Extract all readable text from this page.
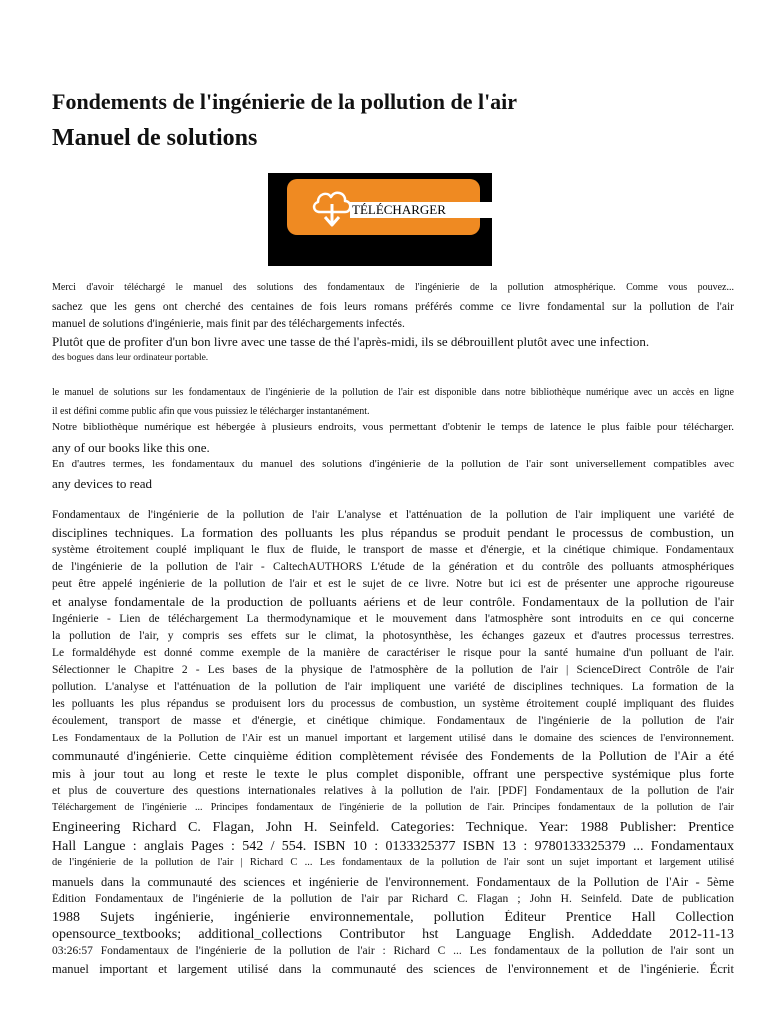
Fondements de l'ingénierie de la pollution de l'air
Manuel de solutions
TÉLÉCHARGER
Merci d'avoir téléchargé le manuel des solutions des fondamentaux de l'ingénierie de la pollution atmosphérique. Comme vous pouvez...
sachez que les gens ont cherché des centaines de fois leurs romans préférés comme ce livre fondamental sur la pollution de l'air
manuel de solutions d'ingénierie, mais finit par des téléchargements infectés.
Plutôt que de profiter d'un bon livre avec une tasse de thé l'après-midi, ils se débrouillent plutôt avec une infection.
des bogues dans leur ordinateur portable.
le manuel de solutions sur les fondamentaux de l'ingénierie de la pollution de l'air est disponible dans notre bibliothèque numérique avec un accès en ligne
il est défini comme public afin que vous puissiez le télécharger instantanément.
Notre bibliothèque numérique est hébergée à plusieurs endroits, vous permettant d'obtenir le temps de latence le plus faible pour télécharger.
any of our books like this one.
En d'autres termes, les fondamentaux du manuel des solutions d'ingénierie de la pollution de l'air sont universellement compatibles avec
any devices to read
Fondamentaux de l'ingénierie de la pollution de l'air L'analyse et l'atténuation de la pollution de l'air impliquent une variété de
disciplines techniques. La formation des polluants les plus répandus se produit pendant le processus de combustion, un
système étroitement couplé impliquant le flux de fluide, le transport de masse et d'énergie, et la cinétique chimique. Fondamentaux
de l'ingénierie de la pollution de l'air - CaltechAUTHORS L'étude de la génération et du contrôle des polluants atmosphériques
peut être appelé ingénierie de la pollution de l'air et est le sujet de ce livre. Notre but ici est de présenter une approche rigoureuse
et analyse fondamentale de la production de polluants aériens et de leur contrôle. Fondamentaux de la pollution de l'air
Ingénierie - Lien de téléchargement La thermodynamique et le mouvement dans l'atmosphère sont introduits en ce qui concerne
la pollution de l'air, y compris ses effets sur le climat, la photosynthèse, les échanges gazeux et d'autres processus terrestres.
Le formaldéhyde est donné comme exemple de la manière de caractériser le risque pour la santé humaine d'un polluant de l'air.
Sélectionner le Chapitre 2 - Les bases de la physique de l'atmosphère de la pollution de l'air | ScienceDirect Contrôle de l'air
pollution. L'analyse et l'atténuation de la pollution de l'air impliquent une variété de disciplines techniques. La formation de la
les polluants les plus répandus se produisent lors du processus de combustion, un système étroitement couplé impliquant des fluides
écoulement, transport de masse et d'énergie, et cinétique chimique. Fondamentaux de l'ingénierie de la pollution de l'air
Les Fondamentaux de la Pollution de l'Air est un manuel important et largement utilisé dans le domaine des sciences de l'environnement.
communauté d'ingénierie. Cette cinquième édition complètement révisée des Fondements de la Pollution de l'Air a été
mis à jour tout au long et reste le texte le plus complet disponible, offrant une perspective systémique plus forte
et plus de couverture des questions internationales relatives à la pollution de l'air. [PDF] Fondamentaux de la pollution de l'air
Téléchargement de l'ingénierie ... Principes fondamentaux de l'ingénierie de la pollution de l'air. Principes fondamentaux de la pollution de l'air
Engineering Richard C. Flagan, John H. Seinfeld. Categories: Technique. Year: 1988 Publisher: Prentice
Hall Langue : anglais Pages : 542 / 554. ISBN 10 : 0133325377 ISBN 13 : 9780133325379 ... Fondamentaux
de l'ingénierie de la pollution de l'air | Richard C ... Les fondamentaux de la pollution de l'air sont un sujet important et largement utilisé
manuels dans la communauté des sciences et ingénierie de l'environnement. Fondamentaux de la Pollution de l'Air - 5ème
Édition Fondamentaux de l'ingénierie de la pollution de l'air par Richard C. Flagan ; John H. Seinfeld. Date de publication
1988 Sujets ingénierie, ingénierie environnementale, pollution Éditeur Prentice Hall Collection
opensource_textbooks; additional_collections Contributor hst Language English. Addeddate 2012-11-13
03:26:57 Fondamentaux de l'ingénierie de la pollution de l'air : Richard C ... Les fondamentaux de la pollution de l'air sont un
manuel important et largement utilisé dans la communauté des sciences de l'environnement et de l'ingénierie. Écrit
